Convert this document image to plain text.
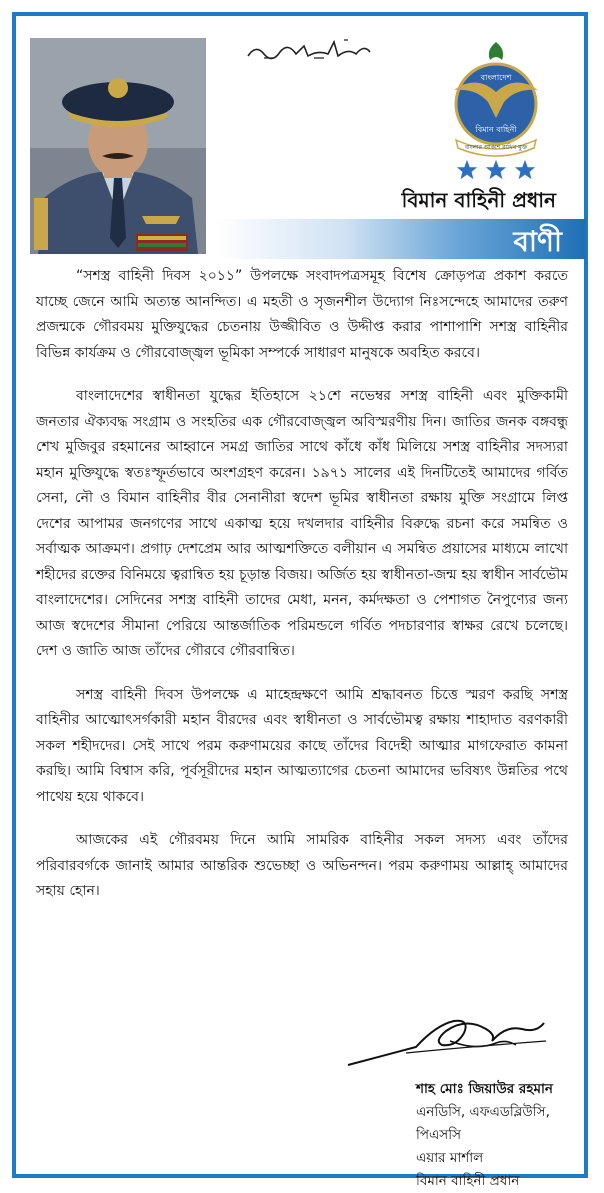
বাংলাদেশ
বিমান বাহিনী
বাংলার আকাশ রাখিব মুক্ত
বিমান বাহিনী প্রধান
বাণী

“সশস্ত্র বাহিনী দিবস ২০১১” উপলক্ষে সংবাদপত্রসমূহ বিশেষ ক্রোড়পত্র প্রকাশ করতে যাচ্ছে জেনে আমি অত্যন্ত আনন্দিত। এ মহতী ও সৃজনশীল উদ্যোগ নিঃসন্দেহে আমাদের তরুণ প্রজন্মকে গৌরবময় মুক্তিযুদ্ধের চেতনায় উজ্জীবিত ও উদ্দীপ্ত করার পাশাপাশি সশস্ত্র বাহিনীর বিভিন্ন কার্যক্রম ও গৌরবোজ্জ্বল ভূমিকা সম্পর্কে সাধারণ মানুষকে অবহিত করবে।

বাংলাদেশের স্বাধীনতা যুদ্ধের ইতিহাসে ২১শে নভেম্বর সশস্ত্র বাহিনী এবং মুক্তিকামী জনতার ঐক্যবদ্ধ সংগ্রাম ও সংহতির এক গৌরবোজ্জ্বল অবিস্মরণীয় দিন। জাতির জনক বঙ্গবন্ধু শেখ মুজিবুর রহমানের আহ্বানে সমগ্র জাতির সাথে কাঁধে কাঁধ মিলিয়ে সশস্ত্র বাহিনীর সদস্যরা মহান মুক্তিযুদ্ধে স্বতঃস্ফূর্তভাবে অংশগ্রহণ করেন। ১৯৭১ সালের এই দিনটিতেই আমাদের গর্বিত সেনা, নৌ ও বিমান বাহিনীর বীর সেনানীরা স্বদেশ ভূমির স্বাধীনতা রক্ষায় মুক্তি সংগ্রামে লিপ্ত দেশের আপামর জনগণের সাথে একাত্ম হয়ে দখলদার বাহিনীর বিরুদ্ধে রচনা করে সমন্বিত ও সর্বাত্মক আক্রমণ। প্রগাঢ় দেশপ্রেম আর আত্মশক্তিতে বলীয়ান এ সমন্বিত প্রয়াসের মাধ্যমে লাখো শহীদের রক্তের বিনিময়ে ত্বরান্বিত হয় চূড়ান্ত বিজয়। অর্জিত হয় স্বাধীনতা-জন্ম হয় স্বাধীন সার্বভৌম বাংলাদেশের। সেদিনের সশস্ত্র বাহিনী তাদের মেধা, মনন, কর্মদক্ষতা ও পেশাগত নৈপুণ্যের জন্য আজ স্বদেশের সীমানা পেরিয়ে আন্তর্জাতিক পরিমন্ডলে গর্বিত পদচারণার স্বাক্ষর রেখে চলেছে। দেশ ও জাতি আজ তাঁদের গৌরবে গৌরবান্বিত।

সশস্ত্র বাহিনী দিবস উপলক্ষে এ মাহেন্দ্রক্ষণে আমি শ্রদ্ধাবনত চিত্তে স্মরণ করছি সশস্ত্র বাহিনীর আত্মোৎসর্গকারী মহান বীরদের এবং স্বাধীনতা ও সার্বভৌমত্ব রক্ষায় শাহাদাত বরণকারী সকল শহীদদের। সেই সাথে পরম করুণাময়ের কাছে তাঁদের বিদেহী আত্মার মাগফেরাত কামনা করছি। আমি বিশ্বাস করি, পূর্বসূরীদের মহান আত্মত্যাগের চেতনা আমাদের ভবিষ্যৎ উন্নতির পথে পাথেয় হয়ে থাকবে।

আজকের এই গৌরবময় দিনে আমি সামরিক বাহিনীর সকল সদস্য এবং তাঁদের পরিবারবর্গকে জানাই আমার আন্তরিক শুভেচ্ছা ও অভিনন্দন। পরম করুণাময় আল্লাহ্ আমাদের সহায় হোন।

শাহ মোঃ জিয়াউর রহমান
এনডিসি, এফএডব্লিউসি,
পিএসসি
এয়ার মার্শাল
বিমান বাহিনী প্রধান
